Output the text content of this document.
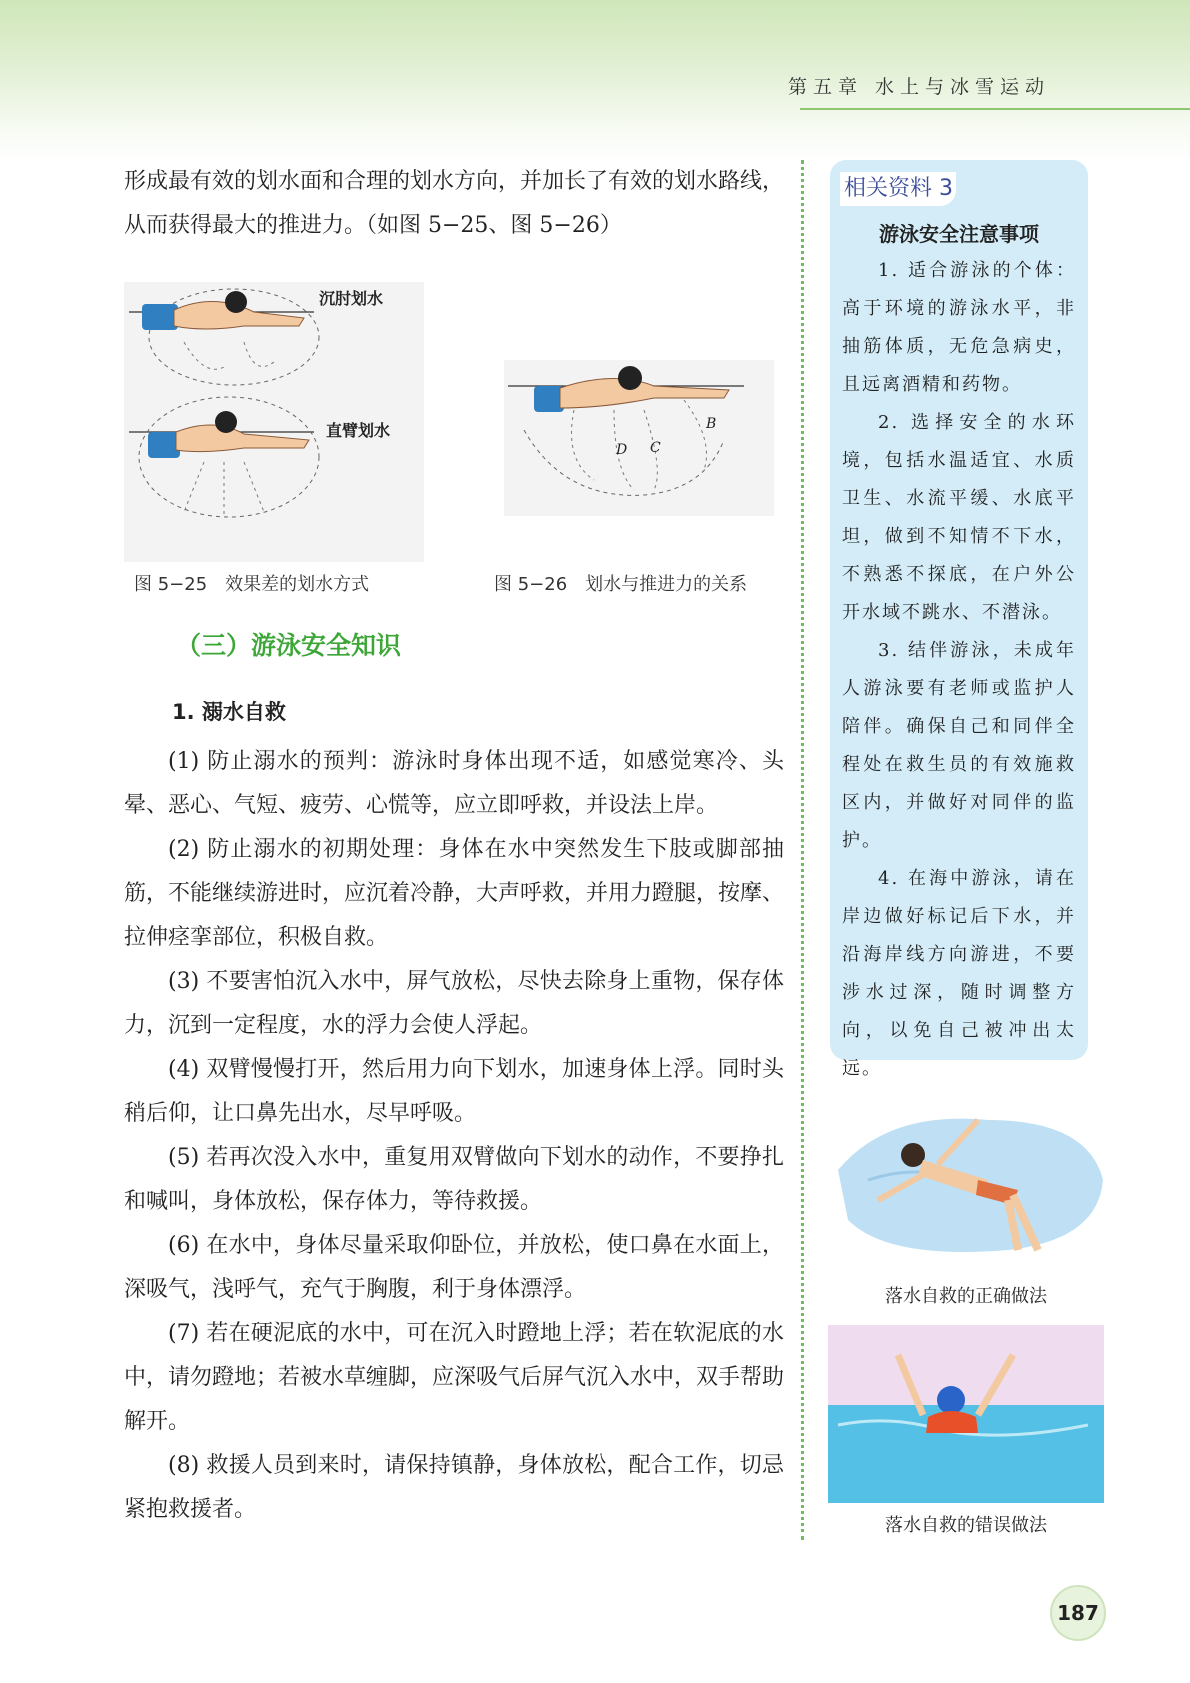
第五章 水上与冰雪运动

形成最有效的划水面和合理的划水方向，并加长了有效的划水路线，从而获得最大的推进力。（如图 5−25、图 5−26）

沉肘划水
直臂划水	B
C
D
图 5−25　效果差的划水方式	图 5−26　划水与推进力的关系
（三）游泳安全知识
1. 溺水自救

(1) 防止溺水的预判：游泳时身体出现不适，如感觉寒冷、头晕、恶心、气短、疲劳、心慌等，应立即呼救，并设法上岸。

(2) 防止溺水的初期处理：身体在水中突然发生下肢或脚部抽筋，不能继续游进时，应沉着冷静，大声呼救，并用力蹬腿，按摩、拉伸痉挛部位，积极自救。

(3) 不要害怕沉入水中，屏气放松，尽快去除身上重物，保存体力，沉到一定程度，水的浮力会使人浮起。

(4) 双臂慢慢打开，然后用力向下划水，加速身体上浮。同时头稍后仰，让口鼻先出水，尽早呼吸。

(5) 若再次没入水中，重复用双臂做向下划水的动作，不要挣扎和喊叫，身体放松，保存体力，等待救援。

(6) 在水中，身体尽量采取仰卧位，并放松，使口鼻在水面上，深吸气，浅呼气，充气于胸腹，利于身体漂浮。

(7) 若在硬泥底的水中，可在沉入时蹬地上浮；若在软泥底的水中，请勿蹬地；若被水草缠脚，应深吸气后屏气沉入水中，双手帮助解开。

(8) 救援人员到来时，请保持镇静，身体放松，配合工作，切忌紧抱救援者。

相关资料 3
游泳安全注意事项

1. 适合游泳的个体：高于环境的游泳水平，非抽筋体质，无危急病史，且远离酒精和药物。

2. 选择安全的水环境，包括水温适宜、水质卫生、水流平缓、水底平坦，做到不知情不下水，不熟悉不探底，在户外公开水域不跳水、不潜泳。

3. 结伴游泳，未成年人游泳要有老师或监护人陪伴。确保自己和同伴全程处在救生员的有效施救区内，并做好对同伴的监护。

4. 在海中游泳，请在岸边做好标记后下水，并沿海岸线方向游进，不要涉水过深，随时调整方向，以免自己被冲出太远。

落水自救的正确做法
落水自救的错误做法
187
